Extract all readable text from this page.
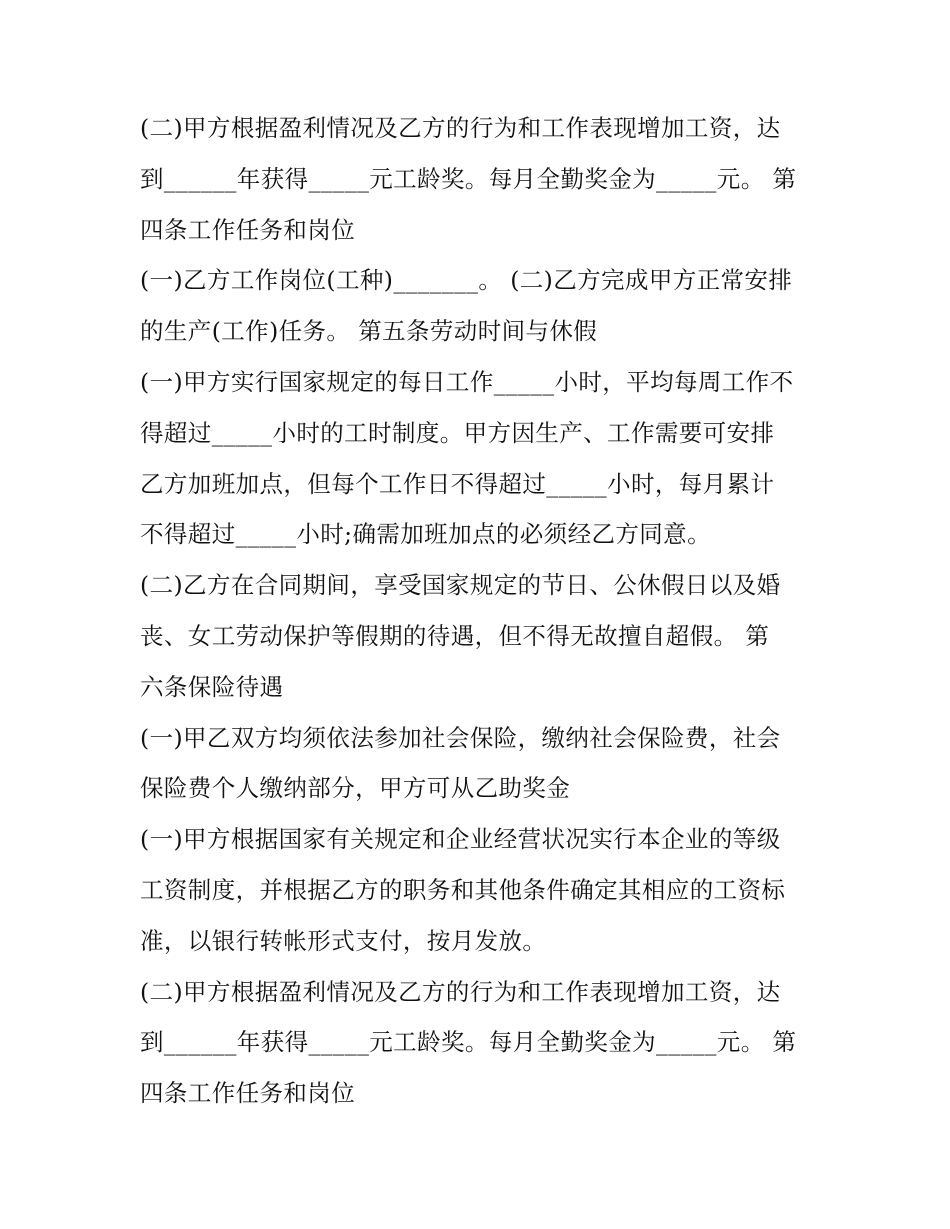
(二)甲方根据盈利情况及乙方的行为和工作表现增加工资，达
到______年获得_____元工龄奖。每月全勤奖金为_____元。 第
四条工作任务和岗位
(一)乙方工作岗位(工种)_______。 (二)乙方完成甲方正常安排
的生产(工作)任务。 第五条劳动时间与休假
(一)甲方实行国家规定的每日工作_____小时，平均每周工作不
得超过_____小时的工时制度。甲方因生产、工作需要可安排
乙方加班加点，但每个工作日不得超过_____小时，每月累计
不得超过_____小时;确需加班加点的必须经乙方同意。
(二)乙方在合同期间，享受国家规定的节日、公休假日以及婚
丧、女工劳动保护等假期的待遇，但不得无故擅自超假。 第
六条保险待遇
(一)甲乙双方均须依法参加社会保险，缴纳社会保险费，社会
保险费个人缴纳部分，甲方可从乙助奖金
(一)甲方根据国家有关规定和企业经营状况实行本企业的等级
工资制度，并根据乙方的职务和其他条件确定其相应的工资标
准，以银行转帐形式支付，按月发放。
(二)甲方根据盈利情况及乙方的行为和工作表现增加工资，达
到______年获得_____元工龄奖。每月全勤奖金为_____元。 第
四条工作任务和岗位
